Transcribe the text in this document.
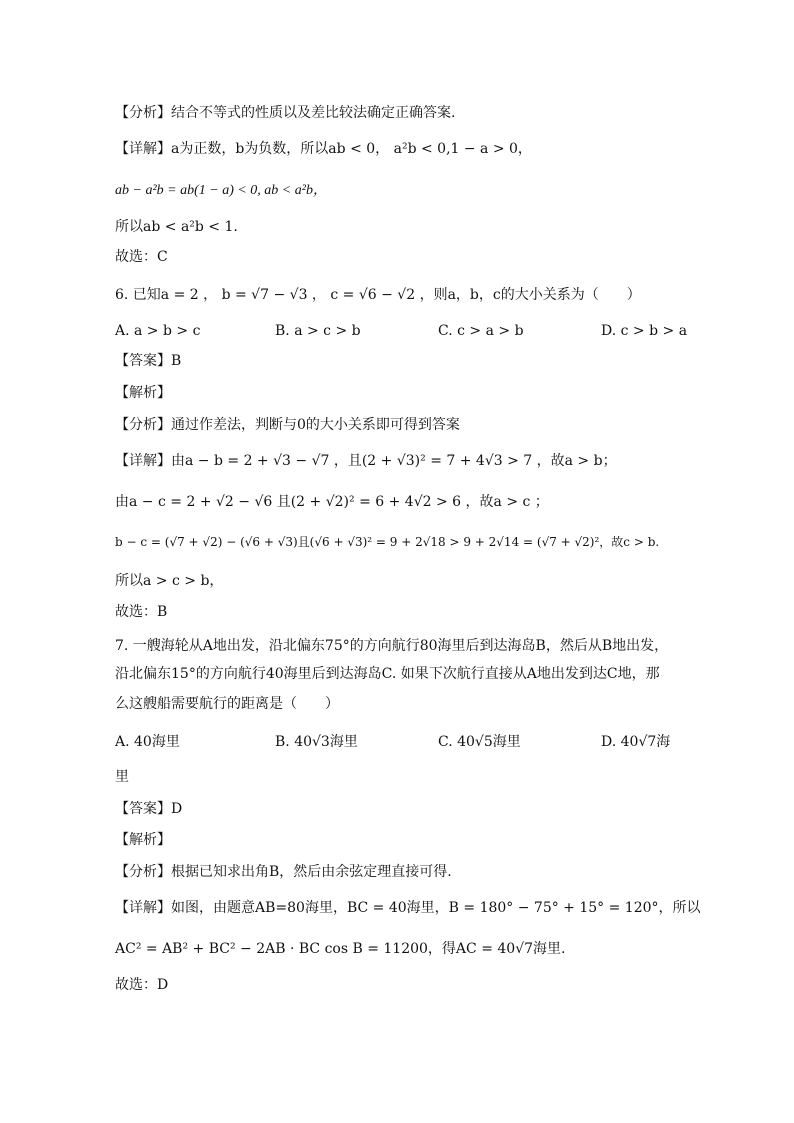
【分析】结合不等式的性质以及差比较法确定正确答案.
【详解】a为正数，b为负数，所以ab < 0， a²b < 0,1 − a > 0，
ab − a²b = ab(1 − a) < 0, ab < a²b，
所以ab < a²b < 1.
故选：C
6. 已知a = 2 ， b = √7 − √3 ， c = √6 − √2 ，则a，b，c的大小关系为（　　）
A. a > b > c	B. a > c > b	C. c > a > b	D. c > b > a
【答案】B
【解析】
【分析】通过作差法，判断与0的大小关系即可得到答案
【详解】由a − b = 2 + √3 − √7 ，且(2 + √3)² = 7 + 4√3 > 7 ，故a > b；
由a − c = 2 + √2 − √6 且(2 + √2)² = 6 + 4√2 > 6 ，故a > c ；
b − c = (√7 + √2) − (√6 + √3)且(√6 + √3)² = 9 + 2√18 > 9 + 2√14 = (√7 + √2)²，故c > b.
所以a > c > b，
故选：B
7. 一艘海轮从A地出发，沿北偏东75°的方向航行80海里后到达海岛B，然后从B地出发，
沿北偏东15°的方向航行40海里后到达海岛C. 如果下次航行直接从A地出发到达C地，那
么这艘船需要航行的距离是（　　）
A. 40海里	B. 40√3海里	C. 40√5海里	D. 40√7海
里
【答案】D
【解析】
【分析】根据已知求出角B，然后由余弦定理直接可得.
【详解】如图，由题意AB=80海里，BC = 40海里，B = 180° − 75° + 15° = 120°，所以
AC² = AB² + BC² − 2AB · BC cos B = 11200，得AC = 40√7海里.
故选：D
